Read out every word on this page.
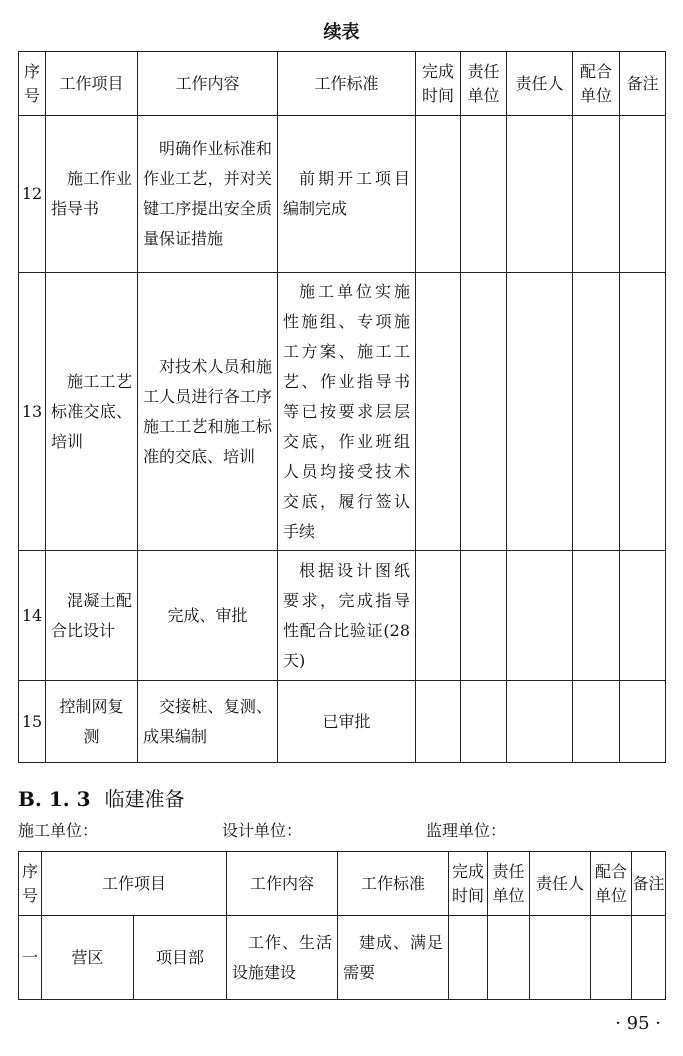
续表
序号	工作项目	工作内容	工作标准	完成时间	责任单位	责任人	配合单位	备注
12	施工作业指导书	明确作业标准和作业工艺，并对关键工序提出安全质量保证措施	前期开工项目编制完成					
13	施工工艺标准交底、培训	对技术人员和施工人员进行各工序施工工艺和施工标准的交底、培训	施工单位实施性施组、专项施工方案、施工工艺、作业指导书等已按要求层层交底，作业班组人员均接受技术交底，履行签认手续					
14	混凝土配合比设计	完成、审批	根据设计图纸要求，完成指导性配合比验证(28天)					
15	控制网复测	交接桩、复测、成果编制	已审批					
B. 1. 3 临建准备
施工单位：	设计单位：	监理单位：
序号	工作项目		工作内容	工作标准	完成时间	责任单位	责任人	配合单位	备注
一	营区	项目部	工作、生活设施建设	建成、满足需要					
· 95 ·
